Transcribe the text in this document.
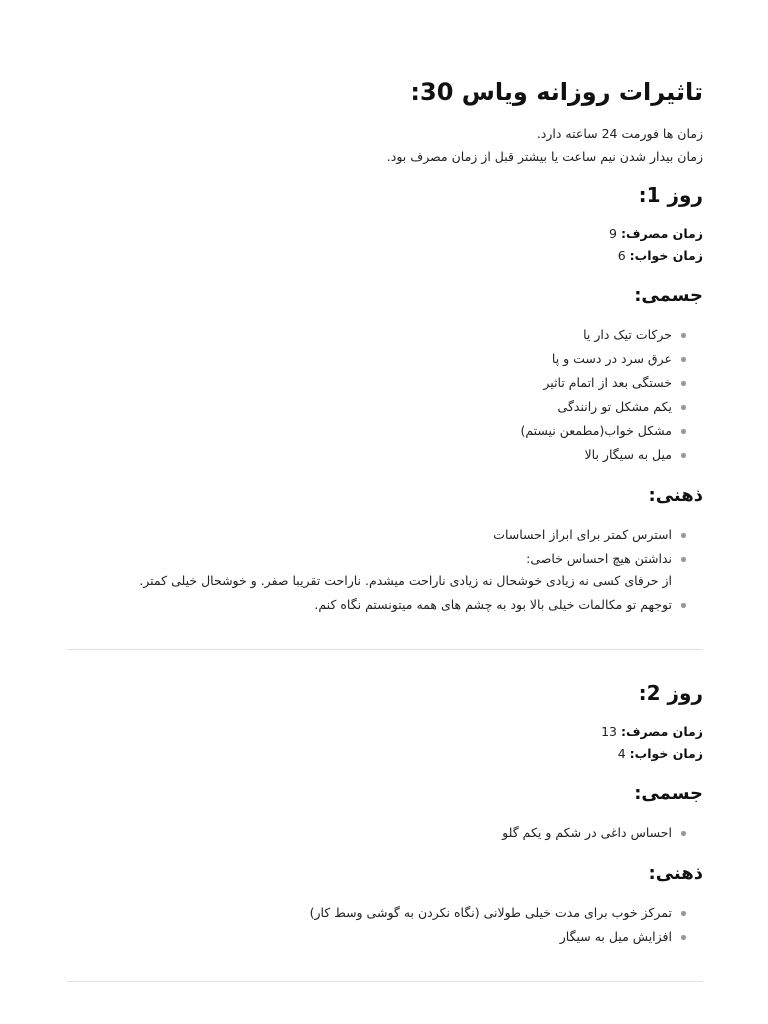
تاثیرات روزانه ویاس 30:
زمان ها فورمت 24 ساعته دارد.
زمان بیدار شدن نیم ساعت یا بیشتر قبل از زمان مصرف بود.
روز 1:
زمان مصرف: 9
زمان خواب: 6
جسمی:
حرکات تیک دار یا
عرق سرد در دست و پا
خستگی بعد از اتمام تاثیر
یکم مشکل تو رانندگی
مشکل خواب(مطمعن نیستم)
میل به سیگار بالا
ذهنی:
استرس کمتر برای ابراز احساسات
نداشتن هیچ احساس خاصی:
از حرفای کسی نه زیادی خوشحال نه زیادی ناراحت میشدم. ناراحت تقریبا صفر. و خوشحال خیلی کمتر.
توجهم تو مکالمات خیلی بالا بود به چشم های همه میتونستم نگاه کنم.
روز 2:
زمان مصرف: 13
زمان خواب: 4
جسمی:
احساس داغی در شکم و یکم گلو
ذهنی:
تمرکز خوب برای مدت خیلی طولانی (نگاه نکردن به گوشی وسط کار)
افزایش میل به سیگار
